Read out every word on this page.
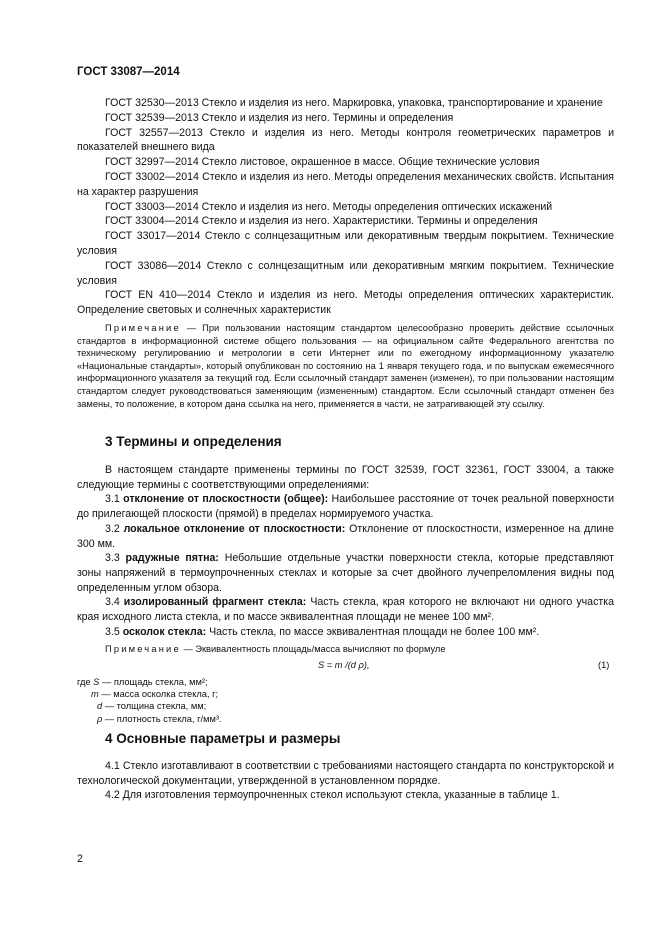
ГОСТ 33087—2014

ГОСТ 32530—2013 Стекло и изделия из него. Маркировка, упаковка, транспортирование и хранение

ГОСТ 32539—2013 Стекло и изделия из него. Термины и определения

ГОСТ 32557—2013 Стекло и изделия из него. Методы контроля геометрических параметров и показателей внешнего вида

ГОСТ 32997—2014 Стекло листовое, окрашенное в массе. Общие технические условия

ГОСТ 33002—2014 Стекло и изделия из него. Методы определения механических свойств. Испытания на характер разрушения

ГОСТ 33003—2014 Стекло и изделия из него. Методы определения оптических искажений

ГОСТ 33004—2014 Стекло и изделия из него. Характеристики. Термины и определения

ГОСТ 33017—2014 Стекло с солнцезащитным или декоративным твердым покрытием. Технические условия

ГОСТ 33086—2014 Стекло с солнцезащитным или декоративным мягким покрытием. Технические условия

ГОСТ EN 410—2014 Стекло и изделия из него. Методы определения оптических характеристик. Определение световых и солнечных характеристик

Примечание — При пользовании настоящим стандартом целесообразно проверить действие ссылочных стандартов в информационной системе общего пользования — на официальном сайте Федерального агентства по техническому регулированию и метрологии в сети Интернет или по ежегодному информационному указателю «Национальные стандарты», который опубликован по состоянию на 1 января текущего года, и по выпускам ежемесячного информационного указателя за текущий год. Если ссылочный стандарт заменен (изменен), то при пользовании настоящим стандартом следует руководствоваться заменяющим (измененным) стандартом. Если ссылочный стандарт отменен без замены, то положение, в котором дана ссылка на него, применяется в части, не затрагивающей эту ссылку.

3 Термины и определения

В настоящем стандарте применены термины по ГОСТ 32539, ГОСТ 32361, ГОСТ 33004, а также следующие термины с соответствующими определениями:

3.1 отклонение от плоскостности (общее): Наибольшее расстояние от точек реальной поверхности до прилегающей плоскости (прямой) в пределах нормируемого участка.

3.2 локальное отклонение от плоскостности: Отклонение от плоскостности, измеренное на длине 300 мм.

3.3 радужные пятна: Небольшие отдельные участки поверхности стекла, которые представляют зоны напряжений в термоупрочненных стеклах и которые за счет двойного лучепреломления видны под определенным углом обзора.

3.4 изолированный фрагмент стекла: Часть стекла, края которого не включают ни одного участка края исходного листа стекла, и по массе эквивалентная площади не менее 100 мм².

3.5 осколок стекла: Часть стекла, по массе эквивалентная площади не более 100 мм².

Примечание — Эквивалентность площадь/масса вычисляют по формуле
S = m /(d ρ),	(1)
где S — площадь стекла, мм²;
m — масса осколка стекла, г;
d — толщина стекла, мм;
ρ — плотность стекла, г/мм³.
4 Основные параметры и размеры

4.1 Стекло изготавливают в соответствии с требованиями настоящего стандарта по конструкторской и технологической документации, утвержденной в установленном порядке.

4.2 Для изготовления термоупрочненных стекол используют стекла, указанные в таблице 1.

2
